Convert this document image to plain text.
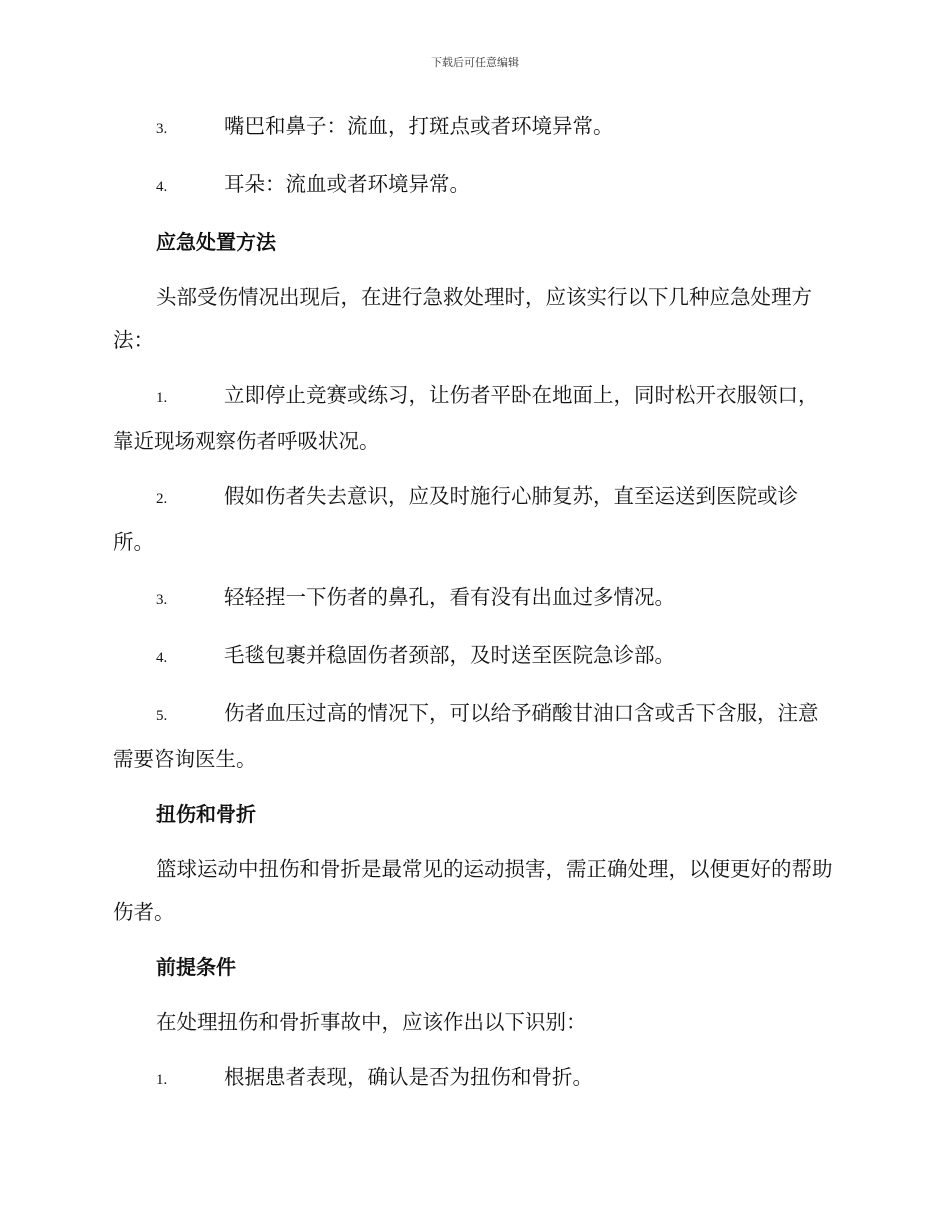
下载后可任意编辑
3.	嘴巴和鼻子：流血，打斑点或者环境异常。
4.	耳朵：流血或者环境异常。
应急处置方法
头部受伤情况出现后，在进行急救处理时，应该实行以下几种应急处理方法：
1.	立即停止竞赛或练习，让伤者平卧在地面上，同时松开衣服领口，靠近现场观察伤者呼吸状况。
2.	假如伤者失去意识，应及时施行心肺复苏，直至运送到医院或诊所。
3.	轻轻捏一下伤者的鼻孔，看有没有出血过多情况。
4.	毛毯包裹并稳固伤者颈部，及时送至医院急诊部。
5.	伤者血压过高的情况下，可以给予硝酸甘油口含或舌下含服，注意需要咨询医生。
扭伤和骨折
篮球运动中扭伤和骨折是最常见的运动损害，需正确处理，以便更好的帮助伤者。
前提条件
在处理扭伤和骨折事故中，应该作出以下识别：
1.	根据患者表现，确认是否为扭伤和骨折。
